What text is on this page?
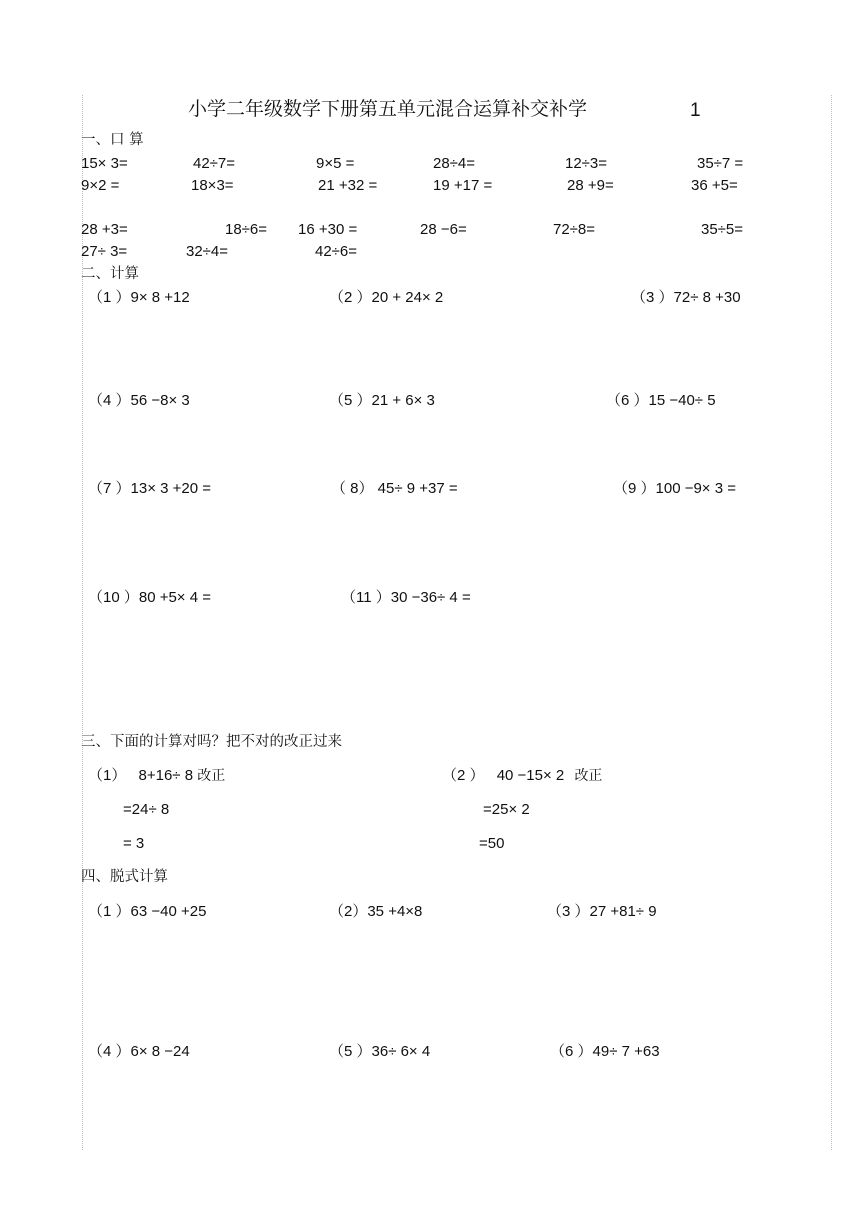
小学二年级数学下册第五单元混合运算补交补学	1
一、口 算
15× 3=	42÷7=	9×5 =	28÷4=	12÷3=	35÷7 =
9×2 =	18×3=	21 +32 =	19 +17 =	28 +9=	36 +5=
28 +3=	18÷6= 16 +30 =	28 −6=	72÷8=	35÷5=
27÷ 3=	32÷4=	42÷6=
二、计算
（1 ）9× 8 +12	（2 ）20 + 24× 2	（3 ）72÷ 8 +30
（4 ）56 −8× 3	（5 ）21 + 6× 3	（6 ）15 −40÷ 5
（7 ）13× 3 +20 =	（ 8） 45÷ 9 +37 =	（9 ）100 −9× 3 =
（10 ）80 +5× 4 =	（11 ）30 −36÷ 4 =
三、下面的计算对吗？把不对的改正过来
（1） 8+16÷ 8 改正
=24÷ 8
= 3
（2 ） 40 −15× 2 改正
=25× 2
=50
四、脱式计算
（1 ）63 −40 +25	（2）35 +4×8	（3 ）27 +81÷ 9
（4 ）6× 8 −24	（5 ）36÷ 6× 4	（6 ）49÷ 7 +63
